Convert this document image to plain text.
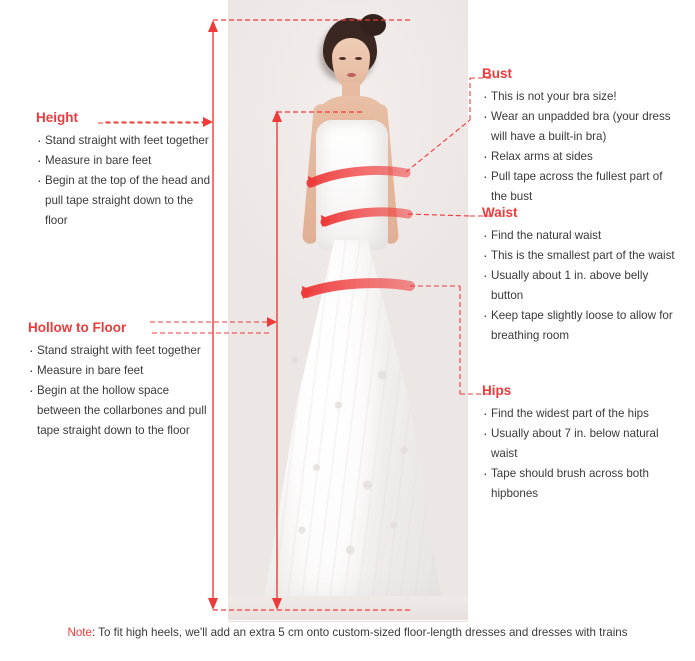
Height
· Stand straight with feet together
· Measure in bare feet
· Begin at the top of the head and pull tape straight down to the floor
Hollow to Floor
· Stand straight with feet together
· Measure in bare feet
· Begin at the hollow space between the collarbones and pull tape straight down to the floor
Bust
· This is not your bra size!
· Wear an unpadded bra (your dress will have a built-in bra)
· Relax arms at sides
· Pull tape across the fullest part of the bust
Waist
· Find the natural waist
· This is the smallest part of the waist
· Usually about 1 in. above belly button
· Keep tape slightly loose to allow for breathing room
Hips
· Find the widest part of the hips
· Usually about 7 in. below natural waist
· Tape should brush across both hipbones
Note: To fit high heels, we'll add an extra 5 cm onto custom-sized floor-length dresses and dresses with trains
